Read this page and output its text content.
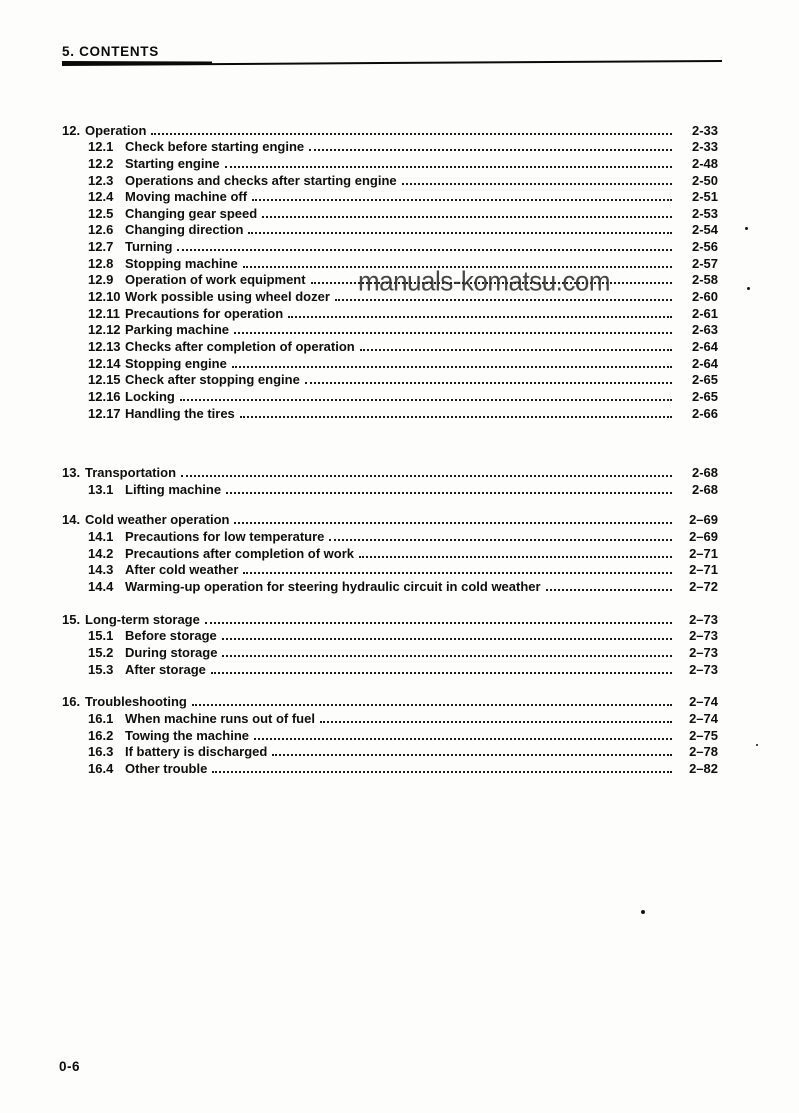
5. CONTENTS
12. Operation	2-33
12.1 Check before starting engine	2-33
12.2 Starting engine	2-48
12.3 Operations and checks after starting engine	2-50
12.4 Moving machine off	2-51
12.5 Changing gear speed	2-53
12.6 Changing direction	2-54
12.7 Turning	2-56
12.8 Stopping machine	2-57
12.9 Operation of work equipment	2-58
12.10 Work possible using wheel dozer	2-60
12.11 Precautions for operation	2-61
12.12 Parking machine	2-63
12.13 Checks after completion of operation	2-64
12.14 Stopping engine	2-64
12.15 Check after stopping engine	2-65
12.16 Locking	2-65
12.17 Handling the tires	2-66
13. Transportation	2-68
13.1 Lifting machine	2-68
14. Cold weather operation	2–69
14.1 Precautions for low temperature	2–69
14.2 Precautions after completion of work	2–71
14.3 After cold weather	2–71
14.4 Warming-up operation for steering hydraulic circuit in cold weather	2–72
15. Long-term storage	2–73
15.1 Before storage	2–73
15.2 During storage	2–73
15.3 After storage	2–73
16. Troubleshooting	2–74
16.1 When machine runs out of fuel	2–74
16.2 Towing the machine	2–75
16.3 If battery is discharged	2–78
16.4 Other trouble	2–82
manuals-komatsu.com
0-6
